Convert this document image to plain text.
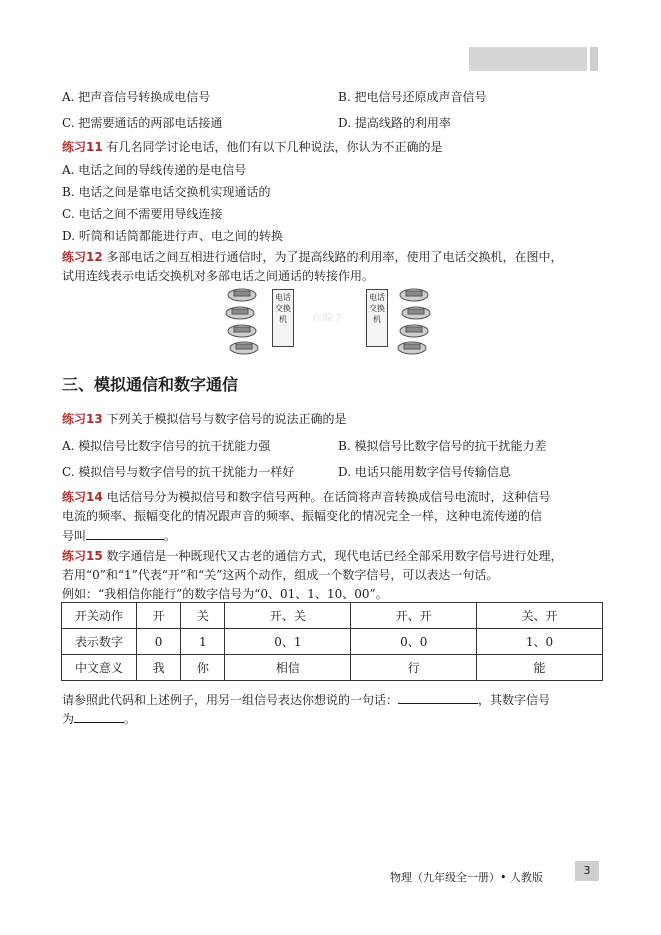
A. 把声音信号转换成电信号	B. 把电信号还原成声音信号
C. 把需要通话的两部电话接通	D. 提高线路的利用率
练习11 有几名同学讨论电话，他们有以下几种说法，你认为不正确的是
A. 电话之间的导线传递的是电信号
B. 电话之间是靠电话交换机实现通话的
C. 电话之间不需要用导线连接
D. 听筒和话筒都能进行声、电之间的转换
练习12 多部电话之间互相进行通信时，为了提高线路的利用率，使用了电话交换机，在图中，
试用连线表示电话交换机对多部电话之间通话的转接作用。
电话交换机
电话交换机
在编 7
三、模拟通信和数字通信
练习13 下列关于模拟信号与数字信号的说法正确的是
A. 模拟信号比数字信号的抗干扰能力强	B. 模拟信号比数字信号的抗干扰能力差
C. 模拟信号与数字信号的抗干扰能力一样好	D. 电话只能用数字信号传输信息
练习14 电话信号分为模拟信号和数字信号两种。在话筒将声音转换成信号电流时，这种信号
电流的频率、振幅变化的情况跟声音的频率、振幅变化的情况完全一样，这种电流传递的信
号叫	。
练习15 数字通信是一种既现代又古老的通信方式，现代电话已经全部采用数字信号进行处理，
若用“0”和“1”代表“开”和“关”这两个动作，组成一个数字信号，可以表达一句话。
例如：“我相信你能行”的数字信号为“0、01、1、10、00”。
开关动作	开	关	开、关	开、开	关、开
表示数字	0	1	0、1	0、0	1、0
中文意义	我	你	相信	行	能
请参照此代码和上述例子，用另一组信号表达你想说的一句话：	，其数字信号
为	。
物理（九年级全一册）• 人教版
3
